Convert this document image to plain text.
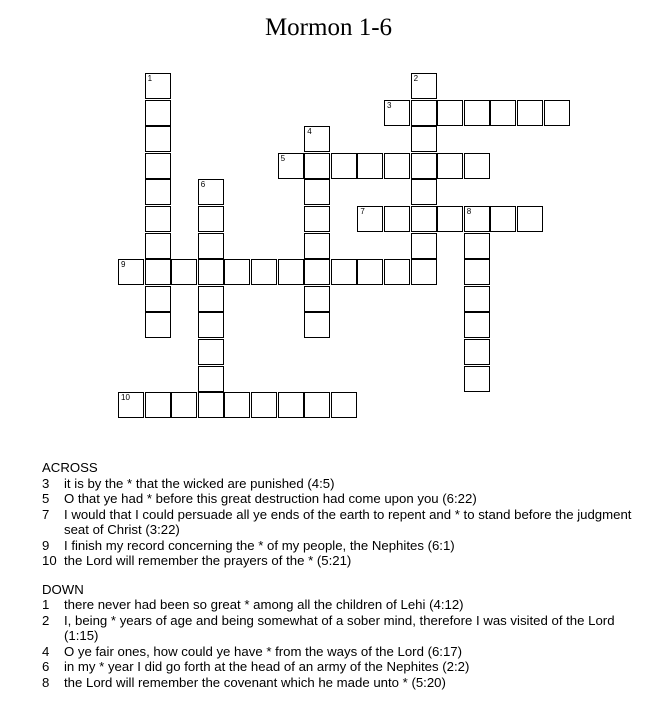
Mormon 1-6
1	2
3
4
5
6
7	8
9
10
ACROSS
3	it is by the * that the wicked are punished (4:5)
5	O that ye had * before this great destruction had come upon you (6:22)
7	I would that I could persuade all ye ends of the earth to repent and * to stand before the judgment seat of Christ (3:22)
9	I finish my record concerning the * of my people, the Nephites (6:1)
10 the Lord will remember the prayers of the * (5:21)
DOWN
1	there never had been so great * among all the children of Lehi (4:12)
2	I, being * years of age and being somewhat of a sober mind, therefore I was visited of the Lord (1:15)
4	O ye fair ones, how could ye have * from the ways of the Lord (6:17)
6	in my * year I did go forth at the head of an army of the Nephites (2:2)
8	the Lord will remember the covenant which he made unto * (5:20)
